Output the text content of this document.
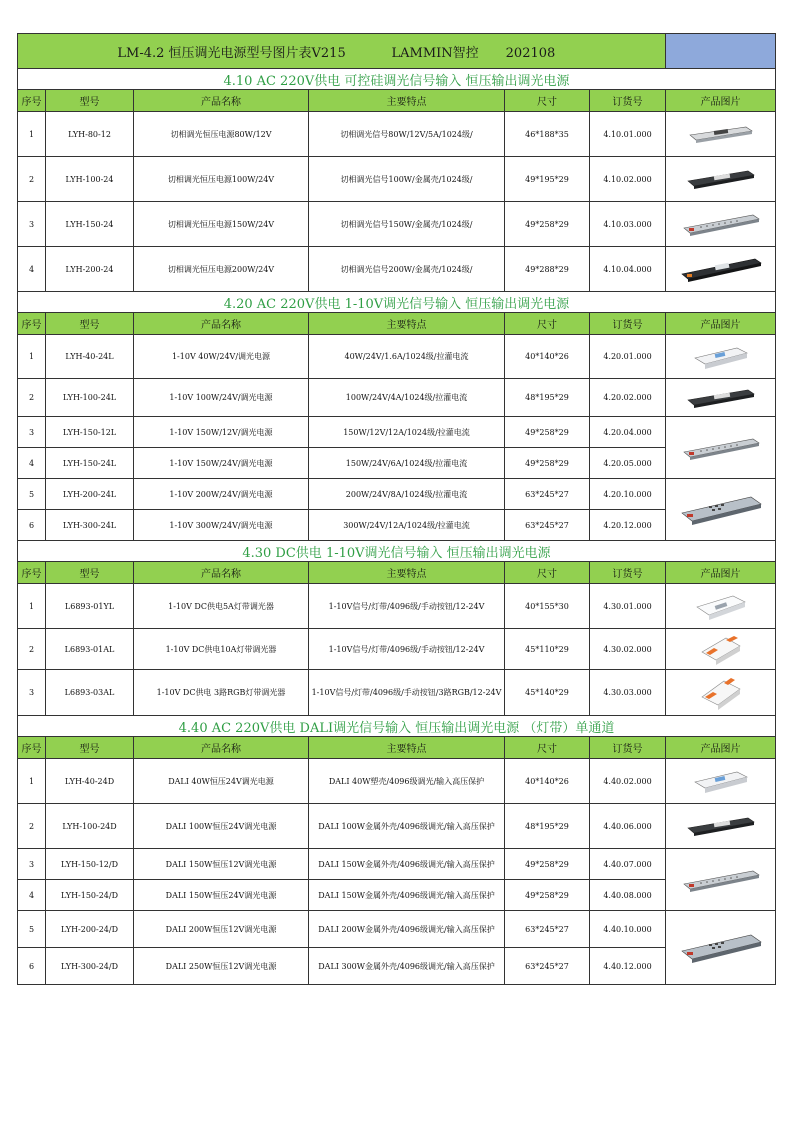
LM-4.2 恒压调光电源型号图片表V215 LAMMIN智控 202108						
4.10 AC 220V供电 可控硅调光信号输入 恒压输出调光电源						
序号	型号	产品名称	主要特点	尺寸	订货号	产品图片
1	LYH-80-12	切相调光恒压电源80W/12V	切相调光信号80W/12V/5A/1024级/	46*188*35	4.10.01.000	

2	LYH-100-24	切相调光恒压电源100W/24V	切相调光信号100W/金属壳/1024级/	49*195*29	4.10.02.000	

3	LYH-150-24	切相调光恒压电源150W/24V	切相调光信号150W/金属壳/1024级/	49*258*29	4.10.03.000	

4	LYH-200-24	切相调光恒压电源200W/24V	切相调光信号200W/金属壳/1024级/	49*288*29	4.10.04.000	

4.20 AC 220V供电 1-10V调光信号输入 恒压输出调光电源						
序号	型号	产品名称	主要特点	尺寸	订货号	产品图片
1	LYH-40-24L	1-10V 40W/24V/调光电源	40W/24V/1.6A/1024级/拉灌电流	40*140*26	4.20.01.000	

2	LYH-100-24L	1-10V 100W/24V/调光电源	100W/24V/4A/1024级/拉灌电流	48*195*29	4.20.02.000	

3	LYH-150-12L	1-10V 150W/12V/调光电源	150W/12V/12A/1024级/拉灌电流	49*258*29	4.20.04.000	

4	LYH-150-24L	1-10V 150W/24V/调光电源	150W/24V/6A/1024级/拉灌电流	49*258*29	4.20.05.000	
5	LYH-200-24L	1-10V 200W/24V/调光电源	200W/24V/8A/1024级/拉灌电流	63*245*27	4.20.10.000	

6	LYH-300-24L	1-10V 300W/24V/调光电源	300W/24V/12A/1024级/拉灌电流	63*245*27	4.20.12.000	
4.30 DC供电 1-10V调光信号输入 恒压输出调光电源						
序号	型号	产品名称	主要特点	尺寸	订货号	产品图片
1	L6893-01YL	1-10V DC供电5A灯带调光器	1-10V信号/灯带/4096级/手动按钮/12-24V	40*155*30	4.30.01.000	

2	L6893-01AL	1-10V DC供电10A灯带调光器	1-10V信号/灯带/4096级/手动按钮/12-24V	45*110*29	4.30.02.000	

3	L6893-03AL	1-10V DC供电 3路RGB灯带调光器	1-10V信号/灯带/4096级/手动按钮/3路RGB/12-24V	45*140*29	4.30.03.000	

4.40 AC 220V供电 DALI调光信号输入 恒压输出调光电源 （灯带）单通道						
序号	型号	产品名称	主要特点	尺寸	订货号	产品图片
1	LYH-40-24D	DALI 40W恒压24V调光电源	DALI 40W塑壳/4096级调光/输入高压保护	40*140*26	4.40.02.000	

2	LYH-100-24D	DALI 100W恒压24V调光电源	DALI 100W金属外壳/4096级调光/输入高压保护	48*195*29	4.40.06.000	

3	LYH-150-12/D	DALI 150W恒压12V调光电源	DALI 150W金属外壳/4096级调光/输入高压保护	49*258*29	4.40.07.000	

4	LYH-150-24/D	DALI 150W恒压24V调光电源	DALI 150W金属外壳/4096级调光/输入高压保护	49*258*29	4.40.08.000	
5	LYH-200-24/D	DALI 200W恒压12V调光电源	DALI 200W金属外壳/4096级调光/输入高压保护	63*245*27	4.40.10.000	

6	LYH-300-24/D	DALI 250W恒压12V调光电源	DALI 300W金属外壳/4096级调光/输入高压保护	63*245*27	4.40.12.000	
